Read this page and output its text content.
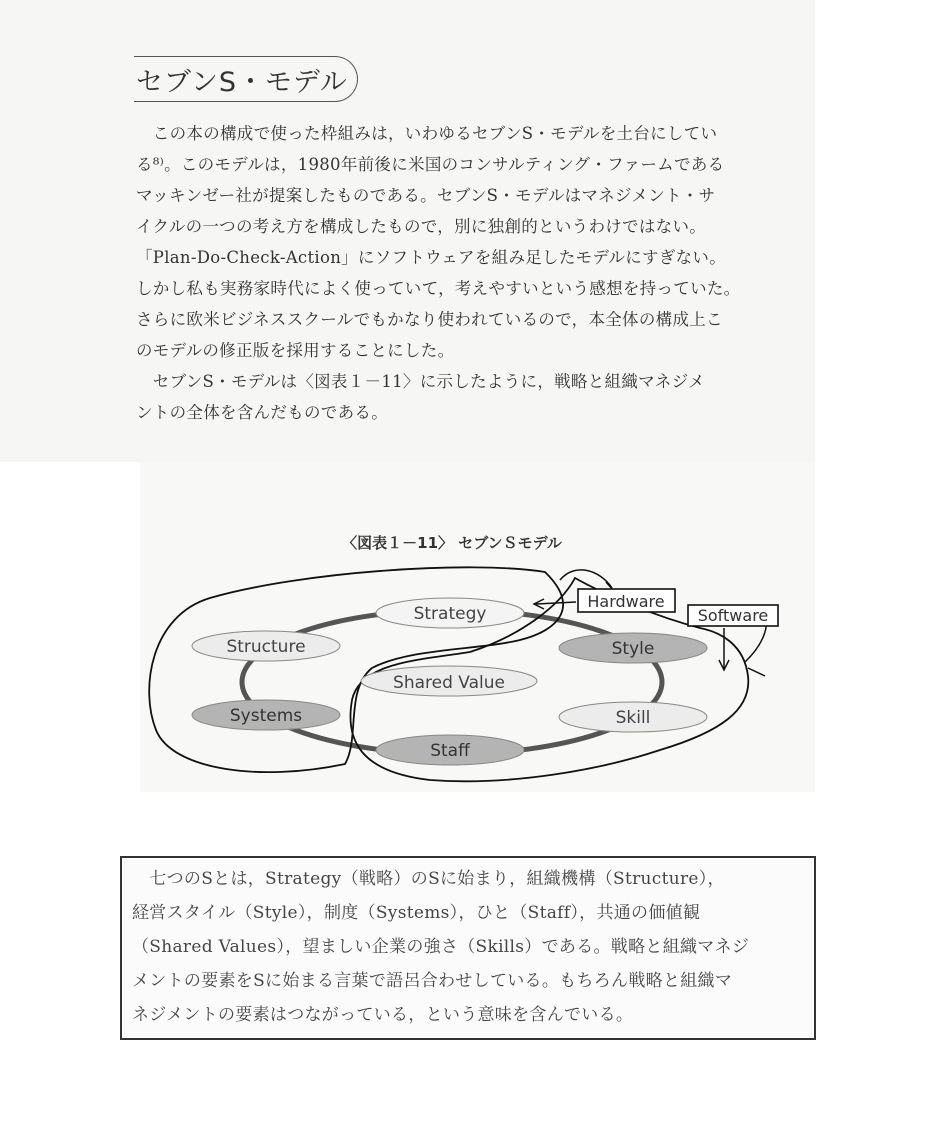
セブンS・モデル
　この本の構成で使った枠組みは，いわゆるセブンS・モデルを土台にしてい
る⁸⁾。このモデルは，1980年前後に米国のコンサルティング・ファームである
マッキンゼー社が提案したものである。セブンS・モデルはマネジメント・サ
イクルの一つの考え方を構成したもので，別に独創的というわけではない。
「Plan-Do-Check-Action」にソフトウェアを組み足したモデルにすぎない。
しかし私も実務家時代によく使っていて，考えやすいという感想を持っていた。
さらに欧米ビジネススクールでもかなり使われているので，本全体の構成上こ
のモデルの修正版を採用することにした。
　セブンS・モデルは〈図表１－11〉に示したように，戦略と組織マネジメ
ントの全体を含んだものである。
〈図表１－11〉 セブンＳモデル
Strategy
Structure	Style
Shared Value
Systems	Skill
Staff
Hardware
Software
　七つのSとは，Strategy（戦略）のSに始まり，組織機構（Structure），
経営スタイル（Style），制度（Systems），ひと（Staff），共通の価値観
（Shared Values），望ましい企業の強さ（Skills）である。戦略と組織マネジ
メントの要素をSに始まる言葉で語呂合わせしている。もちろん戦略と組織マ
ネジメントの要素はつながっている，という意味を含んでいる。
